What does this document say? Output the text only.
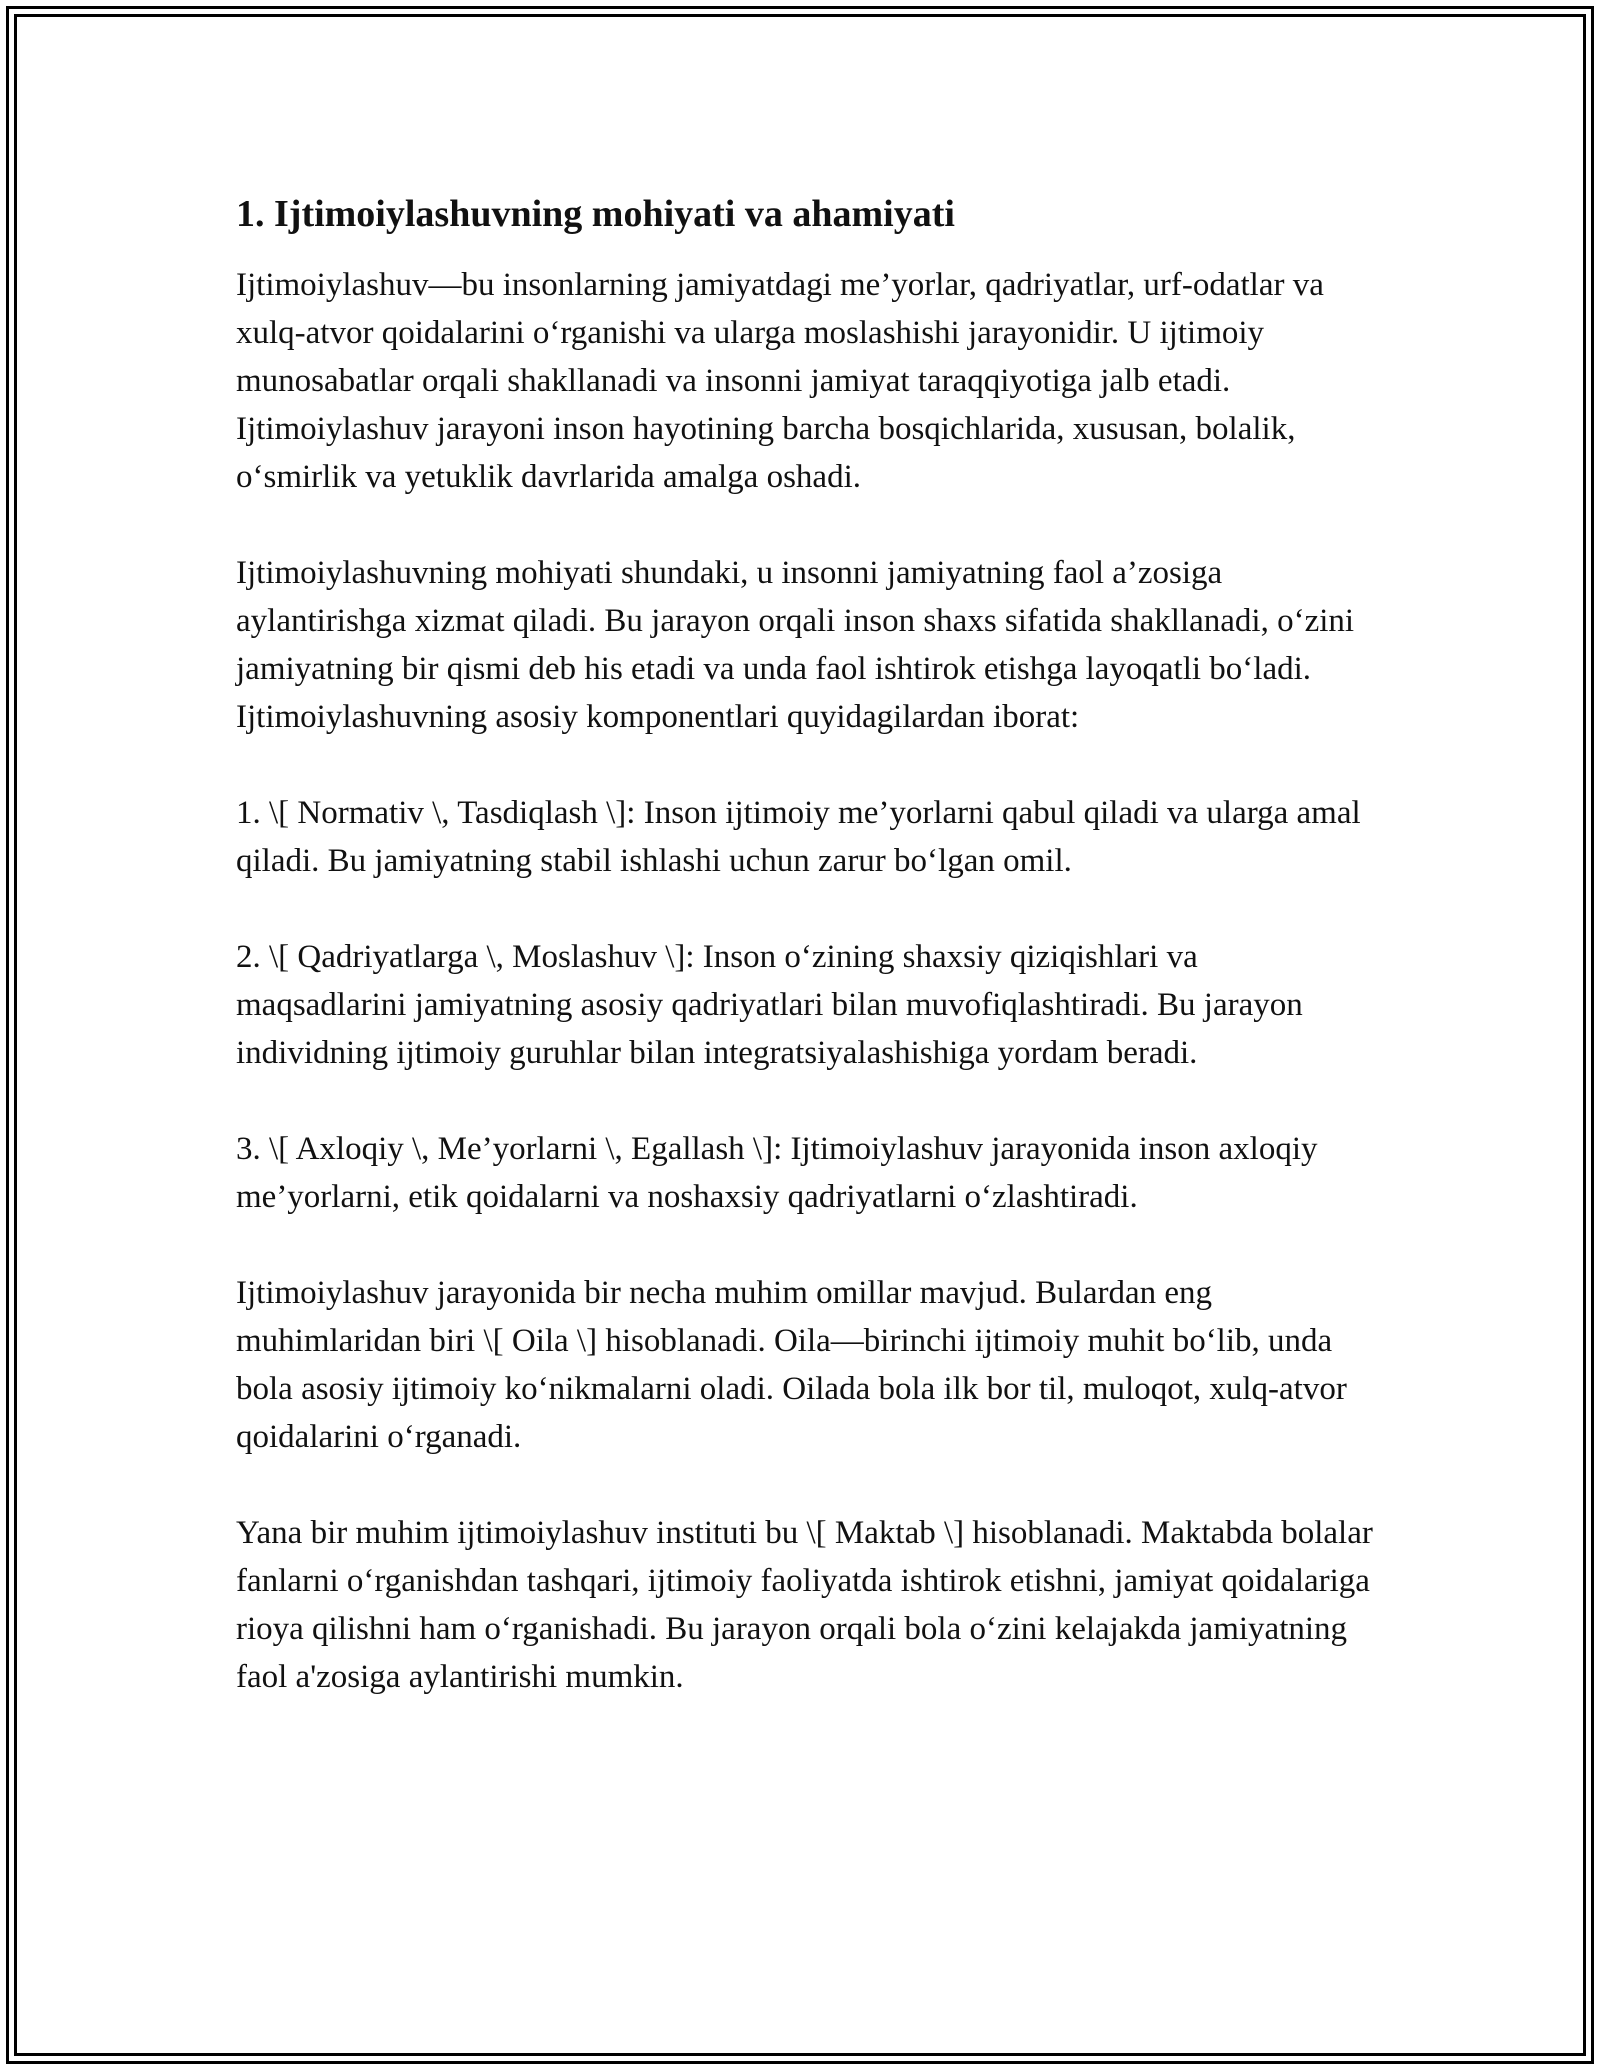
1. Ijtimoiylashuvning mohiyati va ahamiyati

Ijtimoiylashuv—bu insonlarning jamiyatdagi me’yorlar, qadriyatlar, urf-odatlar va xulq-atvor qoidalarini o‘rganishi va ularga moslashishi jarayonidir. U ijtimoiy munosabatlar orqali shakllanadi va insonni jamiyat taraqqiyotiga jalb etadi. Ijtimoiylashuv jarayoni inson hayotining barcha bosqichlarida, xususan, bolalik, o‘smirlik va yetuklik davrlarida amalga oshadi.

Ijtimoiylashuvning mohiyati shundaki, u insonni jamiyatning faol a’zosiga aylantirishga xizmat qiladi. Bu jarayon orqali inson shaxs sifatida shakllanadi, o‘zini jamiyatning bir qismi deb his etadi va unda faol ishtirok etishga layoqatli bo‘ladi. Ijtimoiylashuvning asosiy komponentlari quyidagilardan iborat:

1. \[ Normativ \, Tasdiqlash \]: Inson ijtimoiy me’yorlarni qabul qiladi va ularga amal qiladi. Bu jamiyatning stabil ishlashi uchun zarur bo‘lgan omil.

2. \[ Qadriyatlarga \, Moslashuv \]: Inson o‘zining shaxsiy qiziqishlari va maqsadlarini jamiyatning asosiy qadriyatlari bilan muvofiqlashtiradi. Bu jarayon individning ijtimoiy guruhlar bilan integratsiyalashishiga yordam beradi.

3. \[ Axloqiy \, Me’yorlarni \, Egallash \]: Ijtimoiylashuv jarayonida inson axloqiy me’yorlarni, etik qoidalarni va noshaxsiy qadriyatlarni o‘zlashtiradi.

Ijtimoiylashuv jarayonida bir necha muhim omillar mavjud. Bulardan eng muhimlaridan biri \[ Oila \] hisoblanadi. Oila—birinchi ijtimoiy muhit bo‘lib, unda bola asosiy ijtimoiy ko‘nikmalarni oladi. Oilada bola ilk bor til, muloqot, xulq-atvor qoidalarini o‘rganadi.

Yana bir muhim ijtimoiylashuv instituti bu \[ Maktab \] hisoblanadi. Maktabda bolalar fanlarni o‘rganishdan tashqari, ijtimoiy faoliyatda ishtirok etishni, jamiyat qoidalariga rioya qilishni ham o‘rganishadi. Bu jarayon orqali bola o‘zini kelajakda jamiyatning faol a'zosiga aylantirishi mumkin.
